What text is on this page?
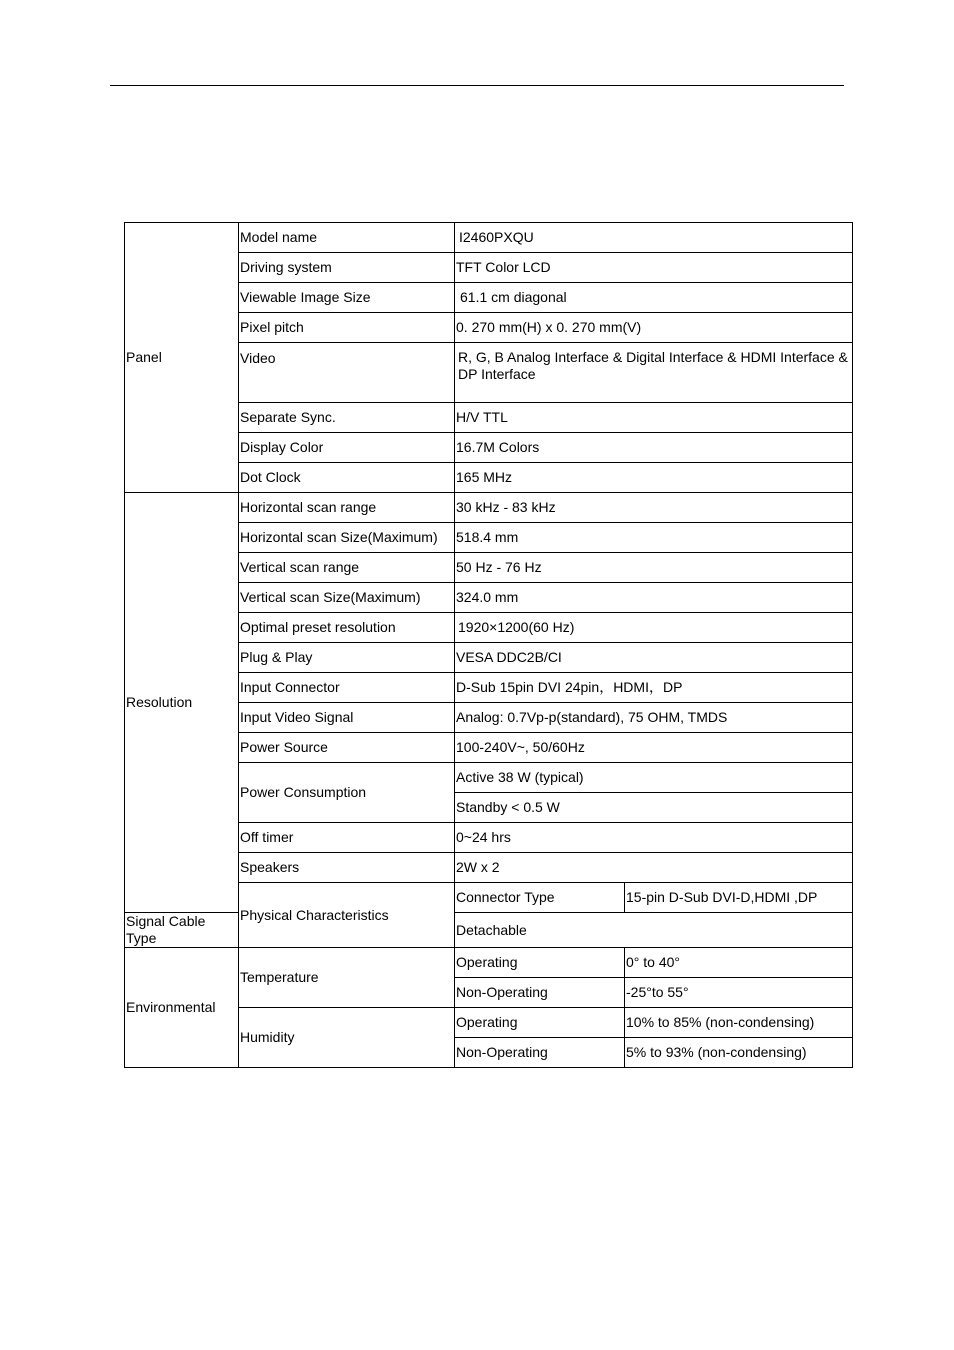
Panel	Model name	I2460PXQU	
	Driving system	TFT Color LCD	
	Viewable Image Size	61.1 cm diagonal	
	Pixel pitch	0. 270 mm(H) x 0. 270 mm(V)	
	Video	R, G, B Analog Interface & Digital Interface & HDMI Interface & DP Interface	
	Separate Sync.	H/V TTL	
	Display Color	16.7M Colors	
	Dot Clock	165 MHz	
Resolution	Horizontal scan range	30 kHz - 83 kHz	
	Horizontal scan Size(Maximum)	518.4 mm	
	Vertical scan range	50 Hz - 76 Hz	
	Vertical scan Size(Maximum)	324.0 mm	
	Optimal preset resolution	1920×1200(60 Hz)	
	Plug & Play	VESA DDC2B/CI	
	Input Connector	D-Sub 15pin DVI 24pin，HDMI，DP	
	Input Video Signal	Analog: 0.7Vp-p(standard), 75 OHM, TMDS	
	Power Source	100-240V~, 50/60Hz	
	Power Consumption	Active 38 W (typical)	
		Standby < 0.5 W	
	Off timer	0~24 hrs	
	Speakers	2W x 2	
	Physical Characteristics	Connector Type	15-pin D-Sub DVI-D,HDMI ,DP
Signal Cable Type		Detachable	
Environmental	Temperature	Operating	0° to 40°
		Non-Operating	-25°to 55°
	Humidity	Operating	10% to 85% (non-condensing)
		Non-Operating	5% to 93% (non-condensing)
